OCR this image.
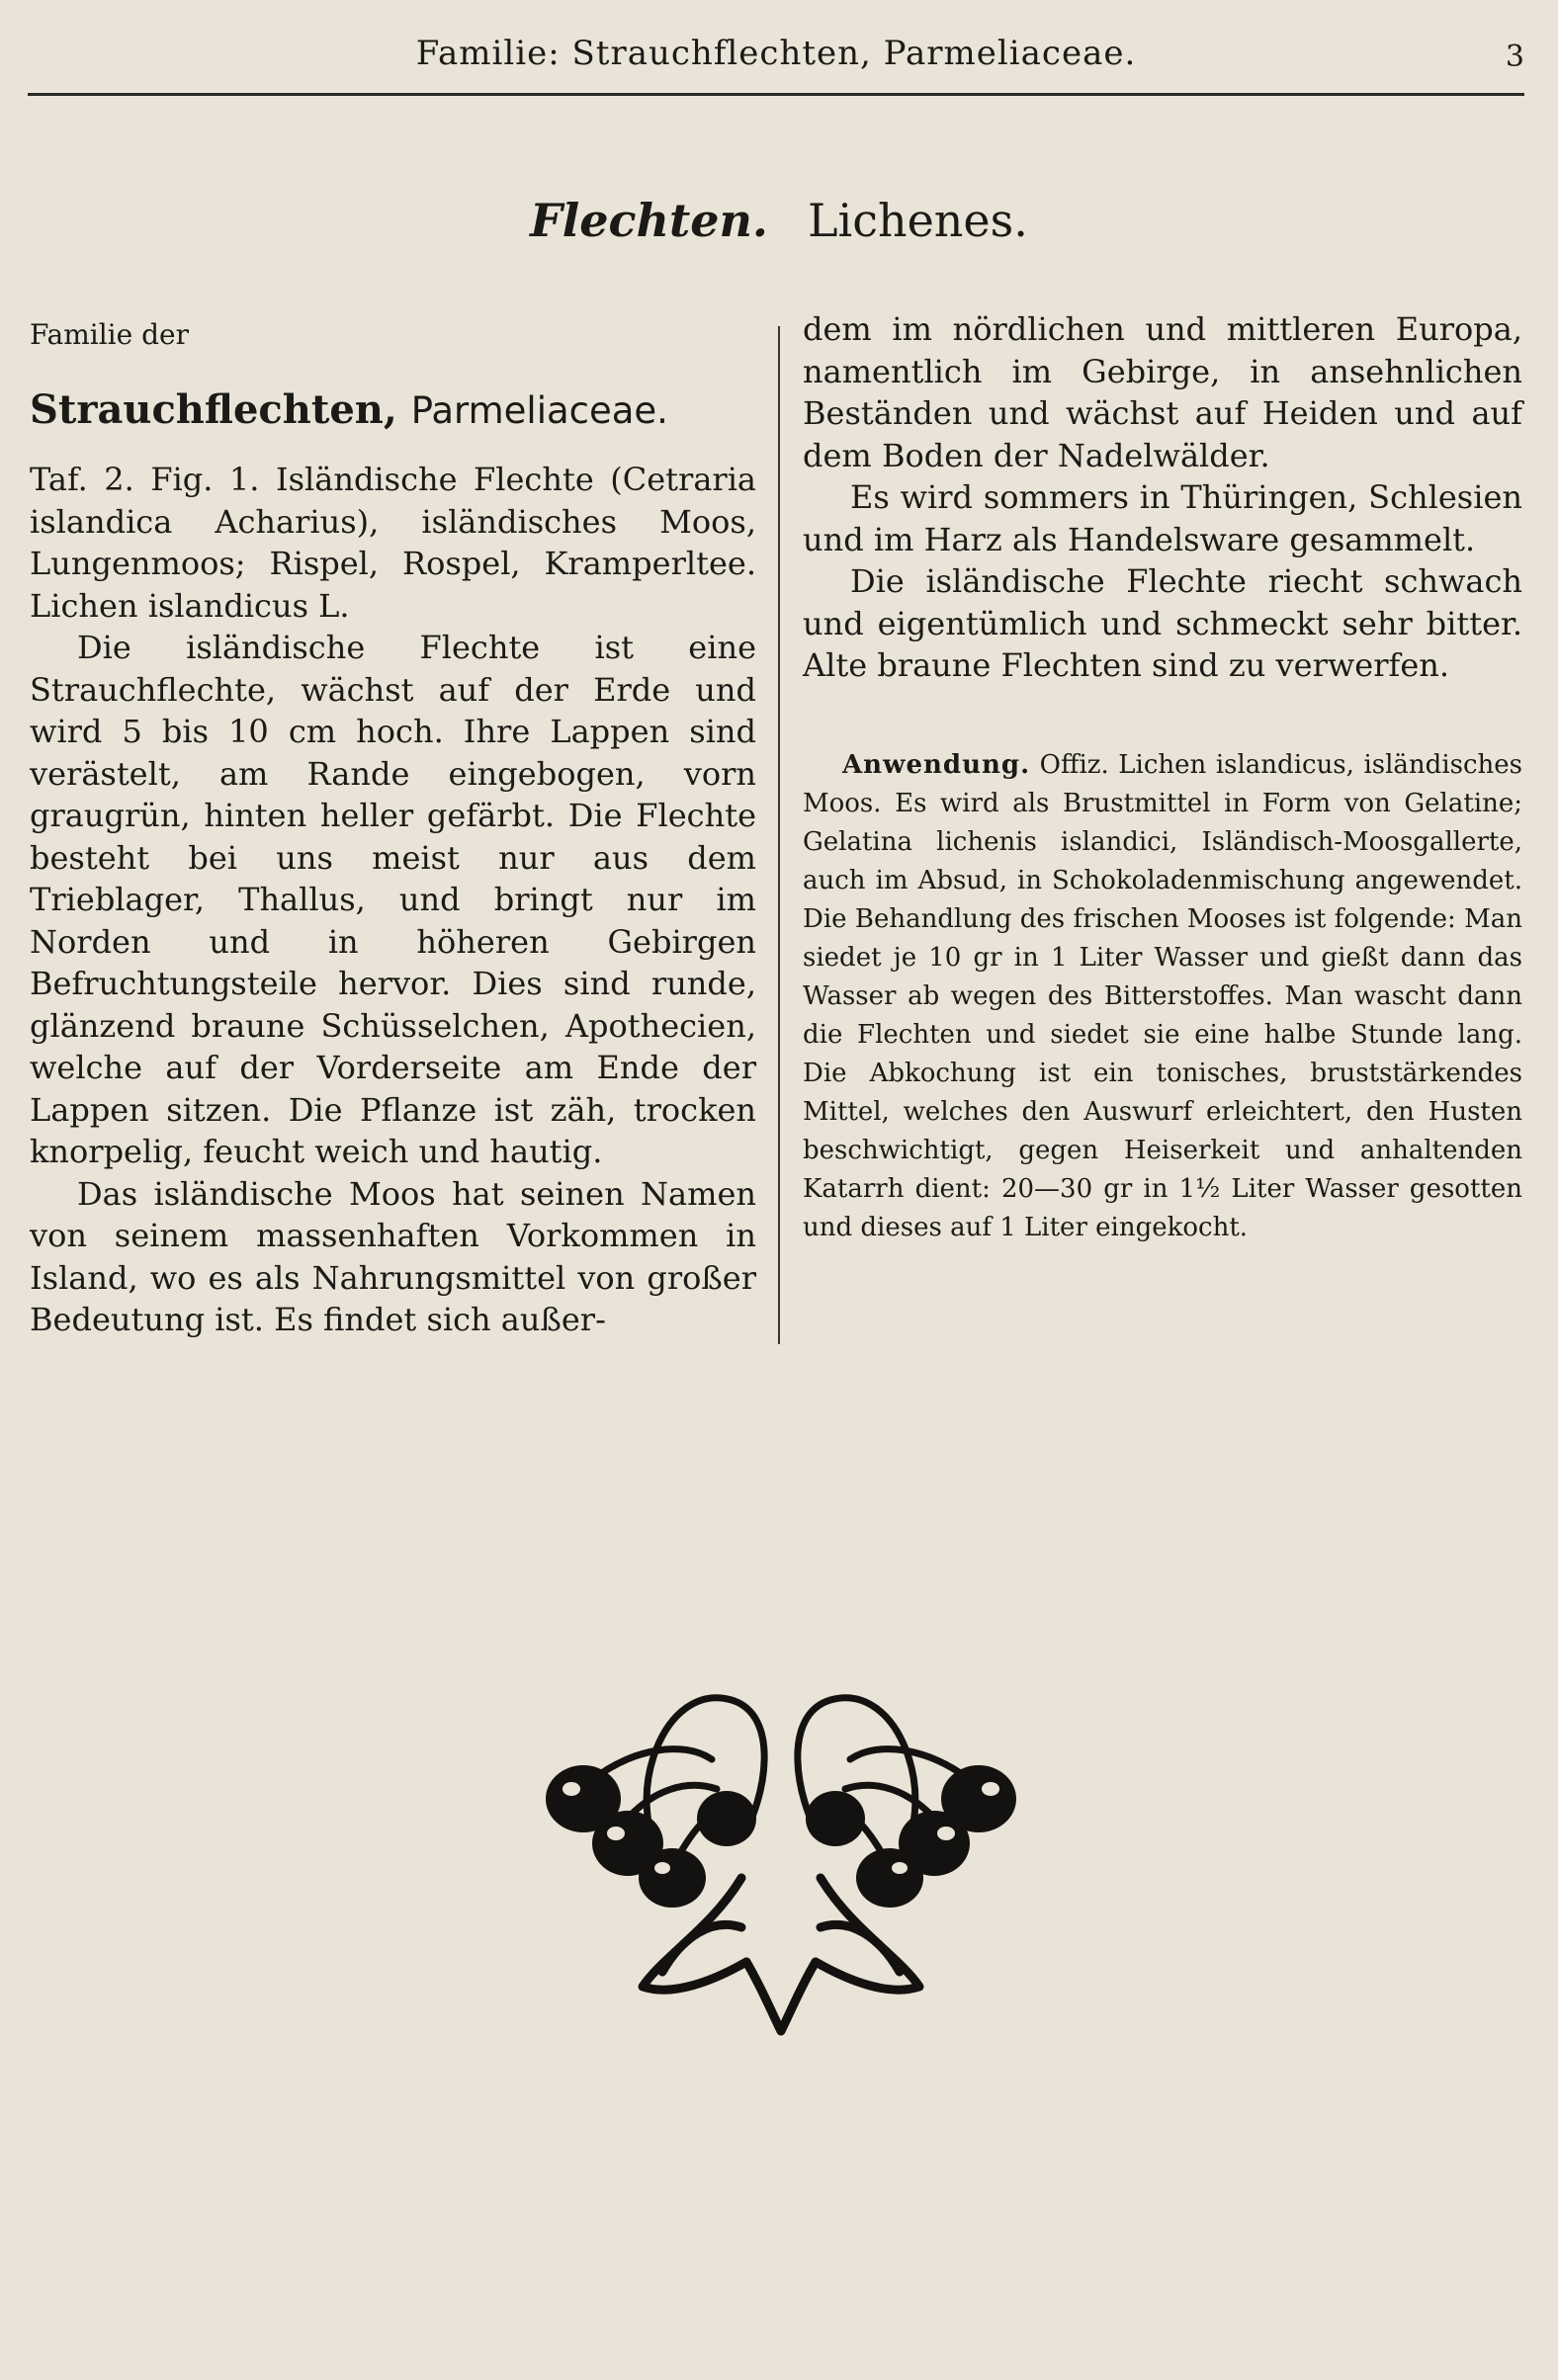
Familie: Strauchflechten, Parmeliaceae.	3
Flechten. Lichenes.
Familie der
Strauchflechten, Parmeliaceae.

Taf. 2. Fig. 1. Isländische Flechte (Cetraria islandica Acharius), isländisches Moos, Lungenmoos; Rispel, Rospel, Kramperltee. Lichen islandicus L.

Die isländische Flechte ist eine Strauchflechte, wächst auf der Erde und wird 5 bis 10 cm hoch. Ihre Lappen sind verästelt, am Rande eingebogen, vorn graugrün, hinten heller gefärbt. Die Flechte besteht bei uns meist nur aus dem Trieblager, Thallus, und bringt nur im Norden und in höheren Gebirgen Befruchtungsteile hervor. Dies sind runde, glänzend braune Schüsselchen, Apothecien, welche auf der Vorderseite am Ende der Lappen sitzen. Die Pflanze ist zäh, trocken knorpelig, feucht weich und hautig.

Das isländische Moos hat seinen Namen von seinem massenhaften Vorkommen in Island, wo es als Nahrungsmittel von großer Bedeutung ist. Es findet sich außer-

dem im nördlichen und mittleren Europa, namentlich im Gebirge, in ansehnlichen Beständen und wächst auf Heiden und auf dem Boden der Nadelwälder.

Es wird sommers in Thüringen, Schlesien und im Harz als Handelsware gesammelt.

Die isländische Flechte riecht schwach und eigentümlich und schmeckt sehr bitter. Alte braune Flechten sind zu verwerfen.

Anwendung. Offiz. Lichen islandicus, isländisches Moos. Es wird als Brustmittel in Form von Gelatine; Gelatina lichenis islandici, Isländisch-Moosgallerte, auch im Absud, in Schokoladenmischung angewendet. Die Behandlung des frischen Mooses ist folgende: Man siedet je 10 gr in 1 Liter Wasser und gießt dann das Wasser ab wegen des Bitterstoffes. Man wascht dann die Flechten und siedet sie eine halbe Stunde lang. Die Abkochung ist ein tonisches, bruststärkendes Mittel, welches den Auswurf erleichtert, den Husten beschwichtigt, gegen Heiserkeit und anhaltenden Katarrh dient: 20—30 gr in 1½ Liter Wasser gesotten und dieses auf 1 Liter eingekocht.
